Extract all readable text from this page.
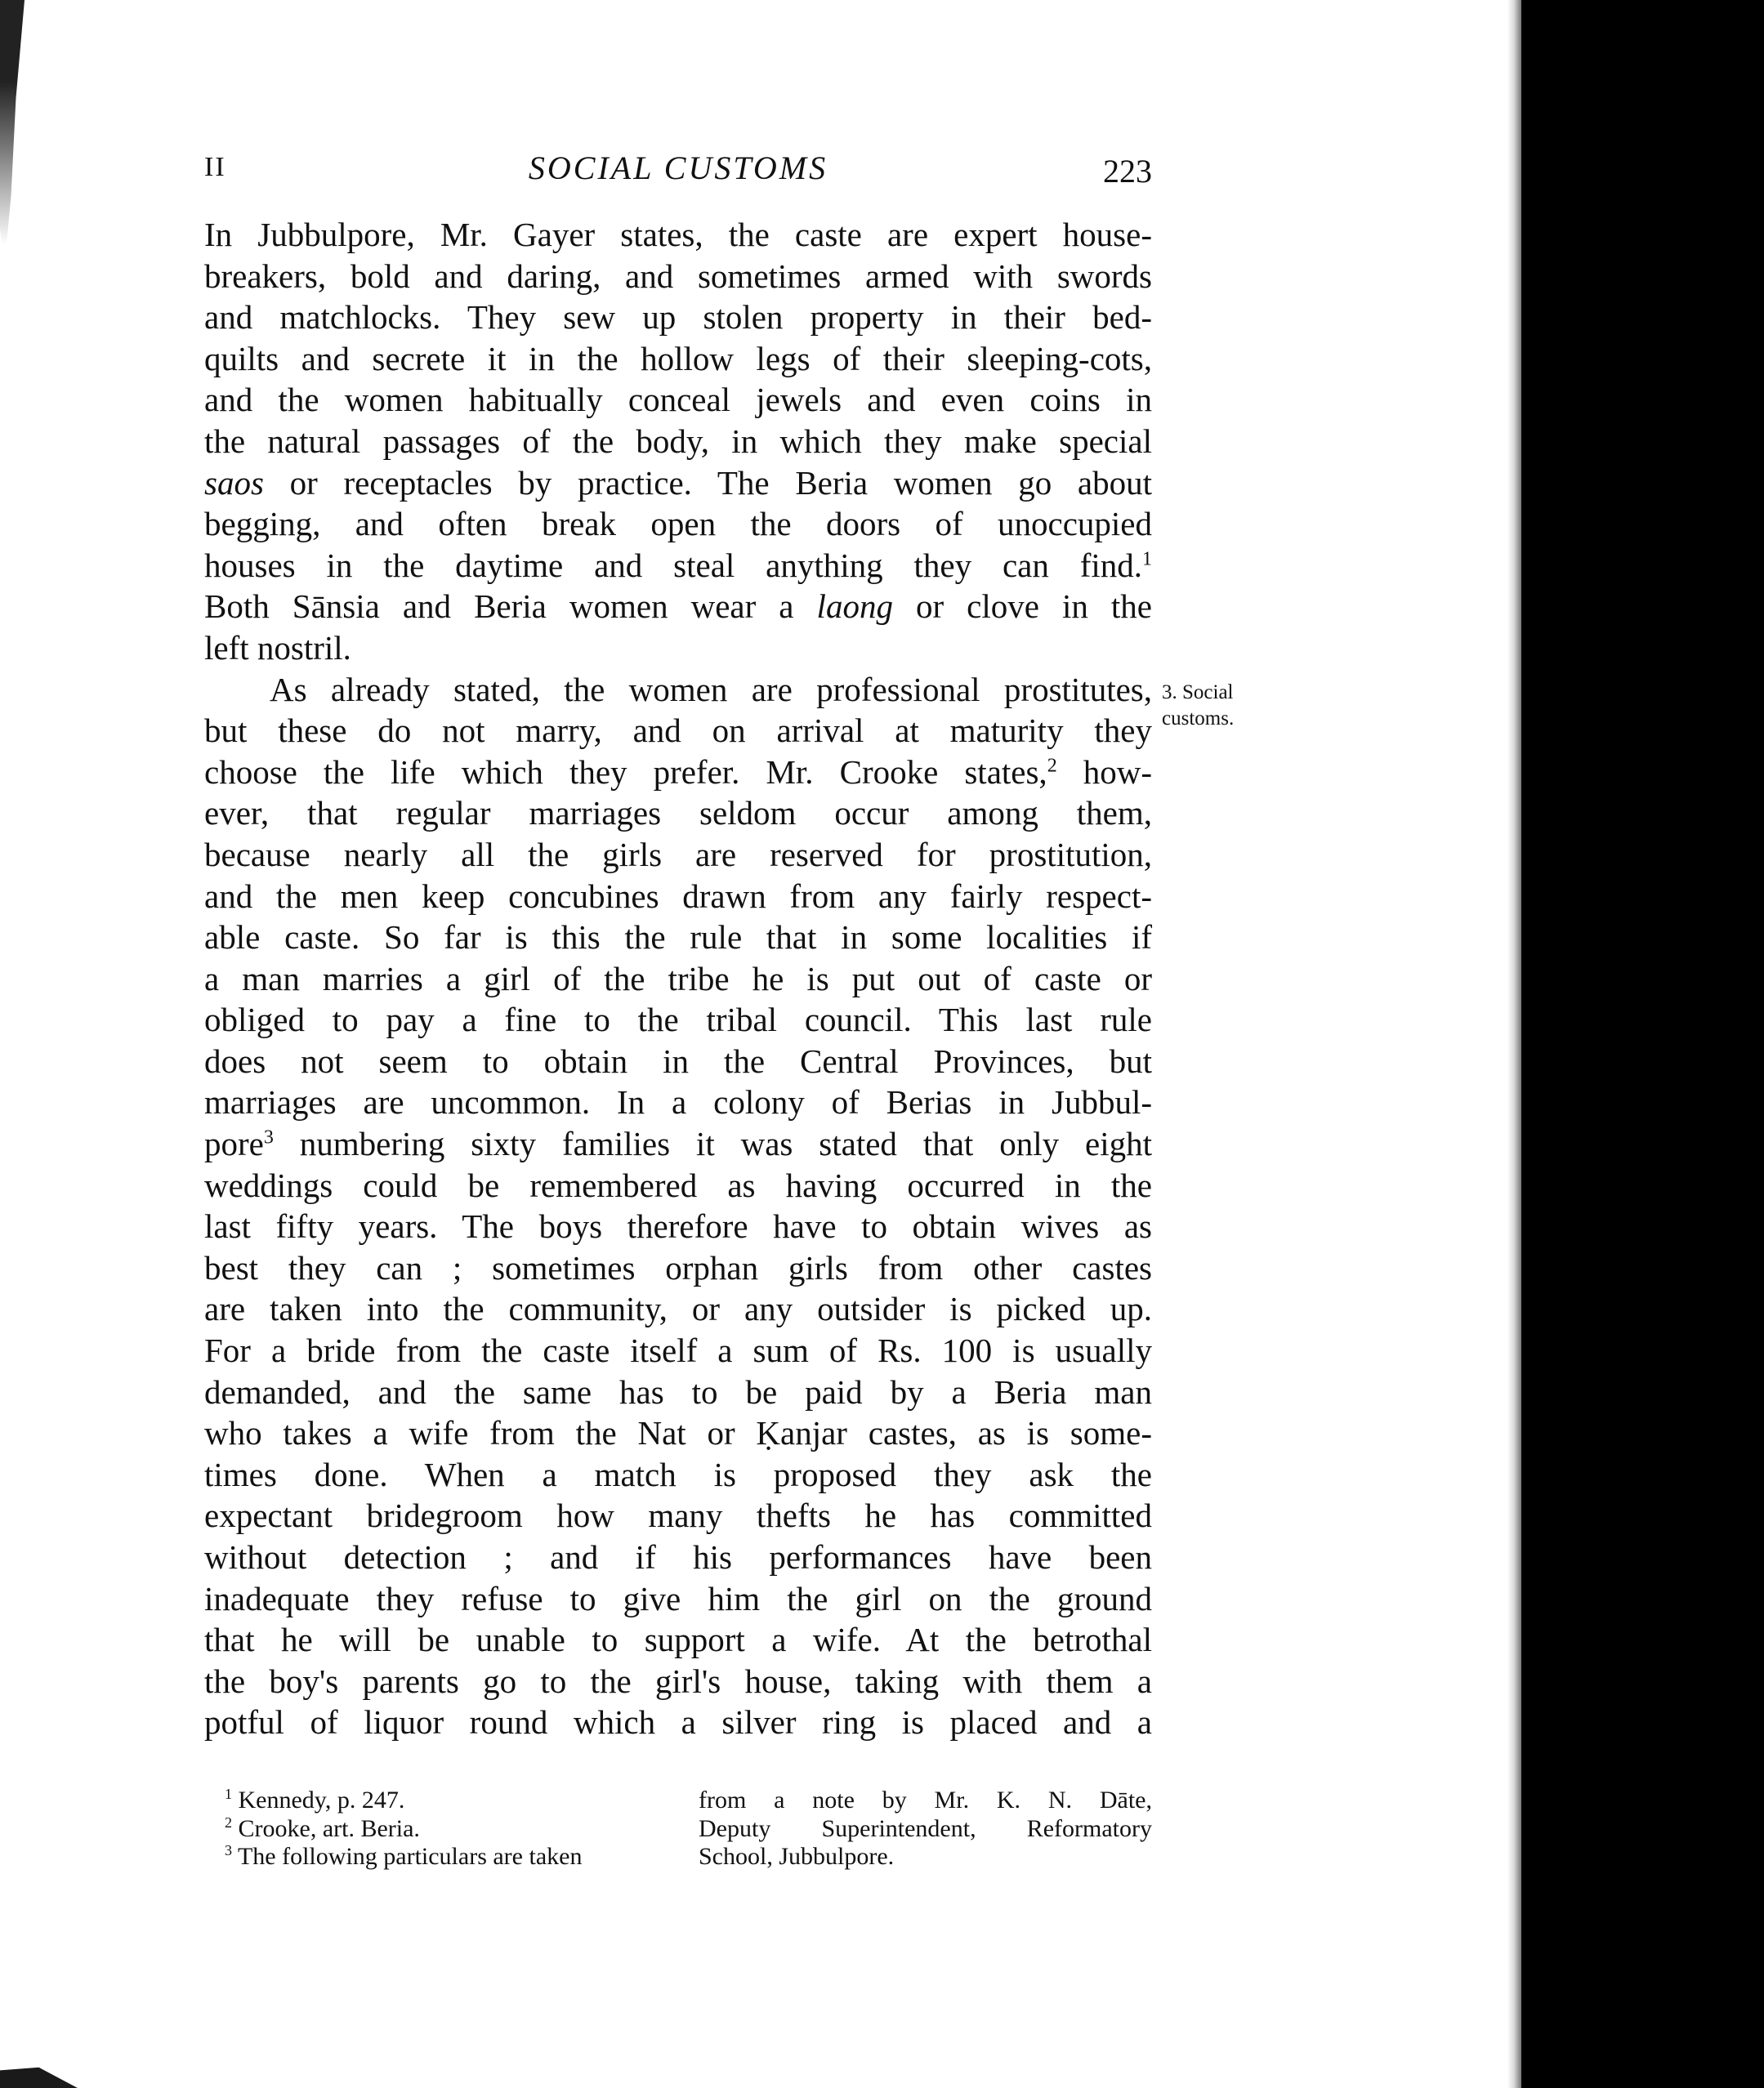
II	SOCIAL CUSTOMS	223
3. Social
customs.
In Jubbulpore, Mr. Gayer states, the caste are expert house-
breakers, bold and daring, and sometimes armed with swords
and matchlocks. They sew up stolen property in their bed-
quilts and secrete it in the hollow legs of their sleeping-cots,
and the women habitually conceal jewels and even coins in
the natural passages of the body, in which they make special
saos or receptacles by practice. The Beria women go about
begging, and often break open the doors of unoccupied
houses in the daytime and steal anything they can find.$^1$
Both Sānsia and Beria women wear a laong or clove in the
left nostril.
As already stated, the women are professional prostitutes,
but these do not marry, and on arrival at maturity they
choose the life which they prefer. Mr. Crooke states,$^2$ how-
ever, that regular marriages seldom occur among them,
because nearly all the girls are reserved for prostitution,
and the men keep concubines drawn from any fairly respect-
able caste. So far is this the rule that in some localities if
a man marries a girl of the tribe he is put out of caste or
obliged to pay a fine to the tribal council. This last rule
does not seem to obtain in the Central Provinces, but
marriages are uncommon. In a colony of Berias in Jubbul-
pore$^3$ numbering sixty families it was stated that only eight
weddings could be remembered as having occurred in the
last fifty years. The boys therefore have to obtain wives as
best they can ; sometimes orphan girls from other castes
are taken into the community, or any outsider is picked up.
For a bride from the caste itself a sum of Rs. 100 is usually
demanded, and the same has to be paid by a Beria man
who takes a wife from the Nat or Ḳanjar castes, as is some-
times done. When a match is proposed they ask the
expectant bridegroom how many thefts he has committed
without detection ; and if his performances have been
inadequate they refuse to give him the girl on the ground
that he will be unable to support a wife. At the betrothal
the boy's parents go to the girl's house, taking with them a
potful of liquor round which a silver ring is placed and a
$^1$ Kennedy, p. 247.
$^2$ Crooke, art. Beria.
$^3$ The following particulars are taken
from a note by Mr. K. N. Dāte,
Deputy Superintendent, Reformatory
School, Jubbulpore.
